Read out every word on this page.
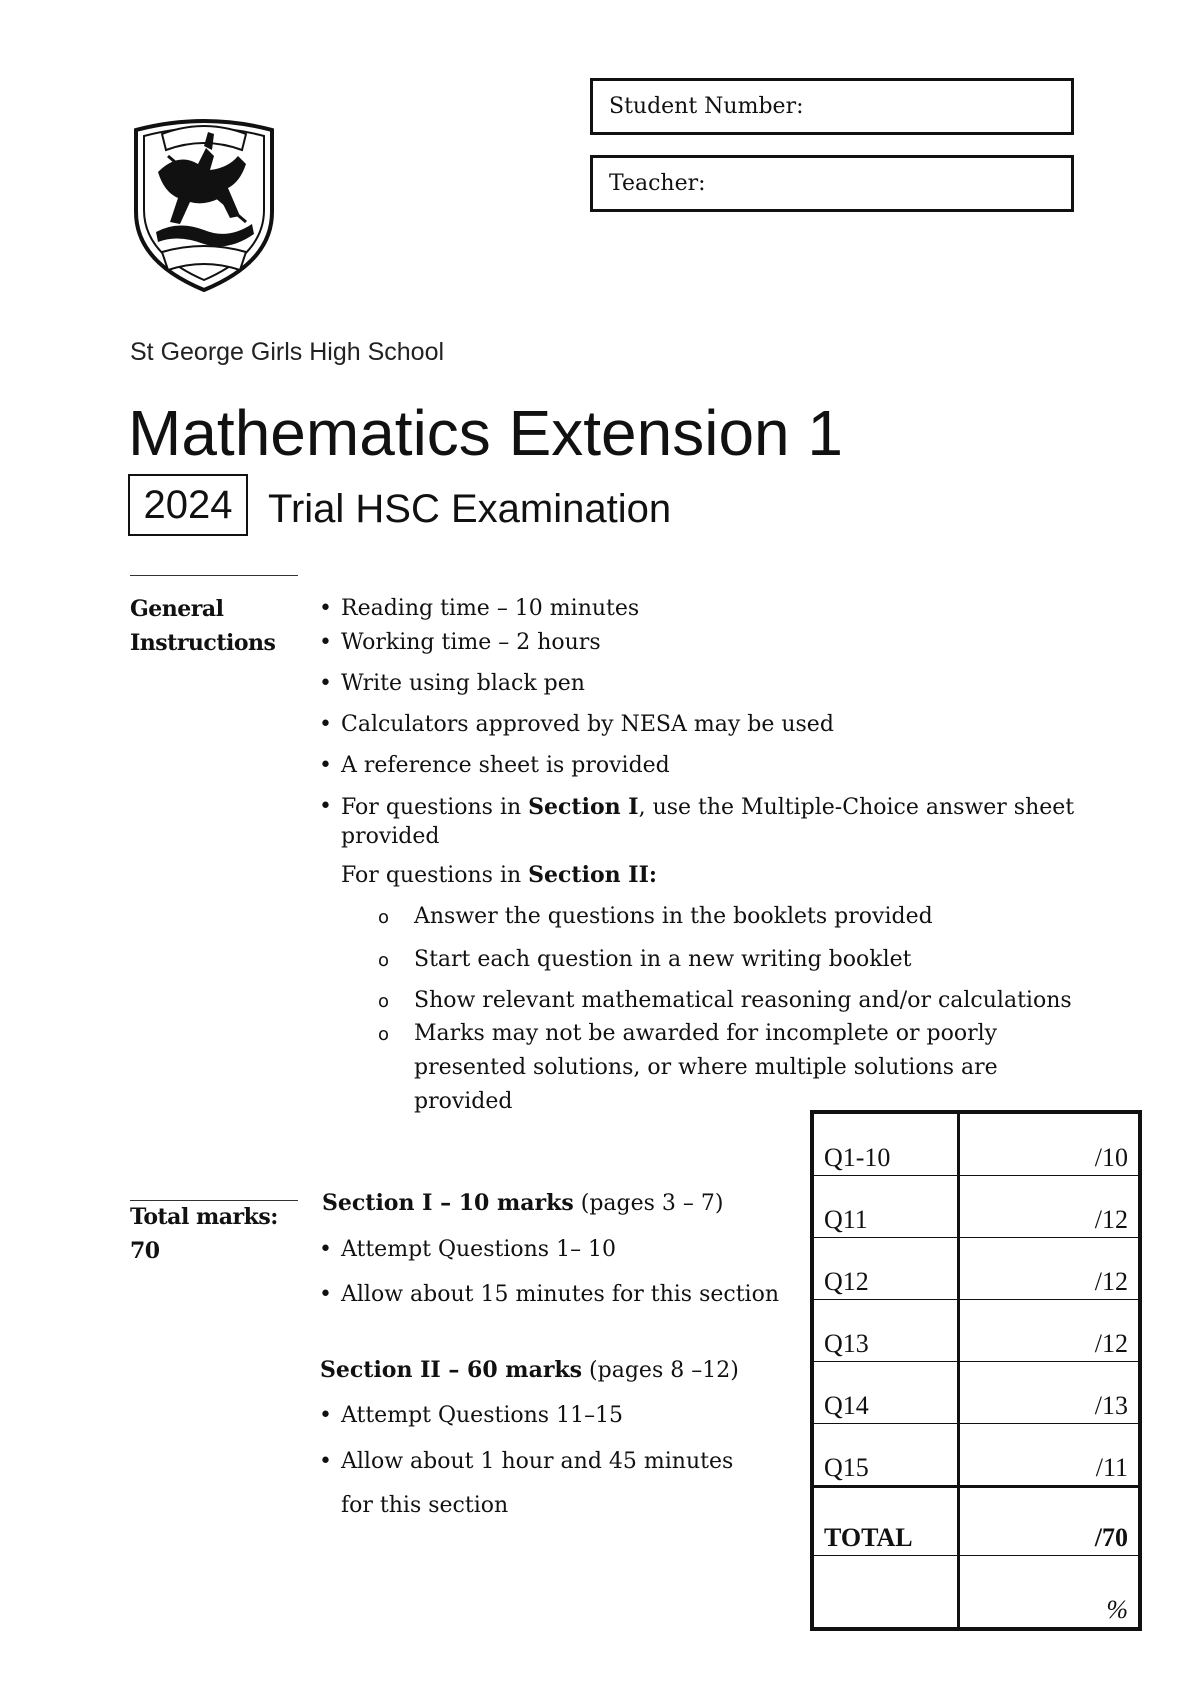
Student Number:
Teacher:
St George Girls High School
Mathematics Extension 1
2024 Trial HSC Examination
General
Instructions
• Reading time – 10 minutes
• Working time – 2 hours
• Write using black pen
• Calculators approved by NESA may be used
• A reference sheet is provided
• For questions in Section I, use the Multiple-Choice answer sheet
provided
For questions in Section II:
o Answer the questions in the booklets provided
o Start each question in a new writing booklet
o Show relevant mathematical reasoning and/or calculations
o Marks may not be awarded for incomplete or poorly
presented solutions, or where multiple solutions are
provided
Total marks:
70
Section I – 10 marks (pages 3 – 7)
• Attempt Questions 1– 10
• Allow about 15 minutes for this section
Section II – 60 marks (pages 8 –12)
• Attempt Questions 11–15
• Allow about 1 hour and 45 minutes
for this section
Q1-10	/10
Q11	/12
Q12	/12
Q13	/12
Q14	/13
Q15	/11
TOTAL	/70
%
